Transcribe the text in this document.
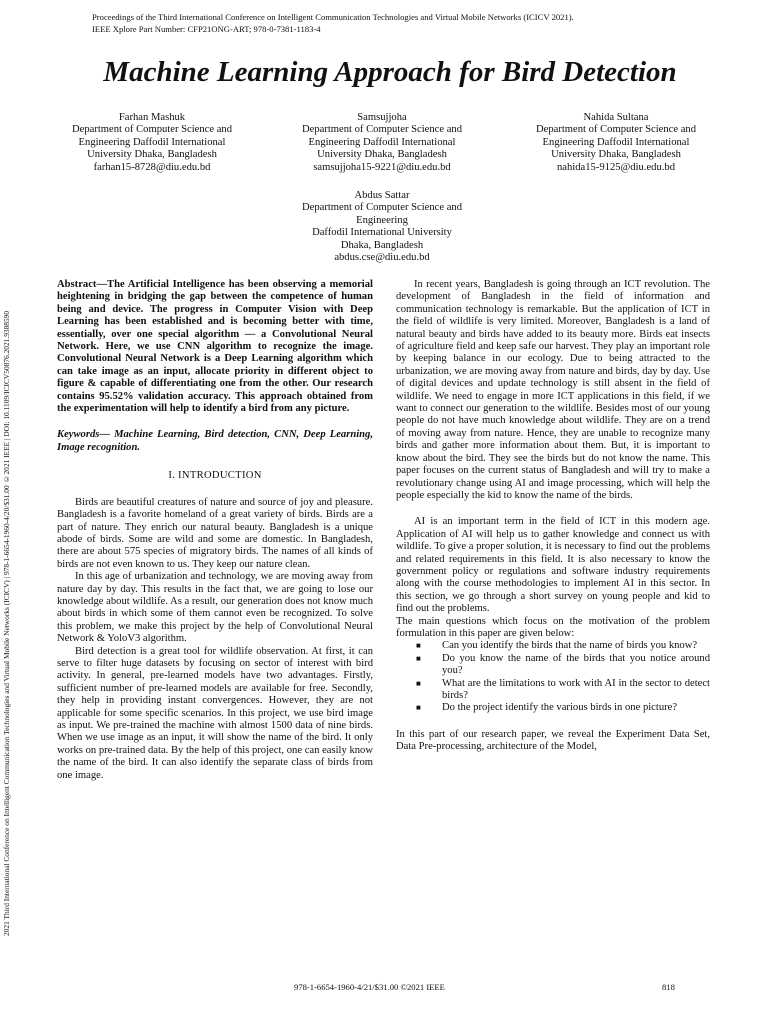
Proceedings of the Third International Conference on Intelligent Communication Technologies and Virtual Mobile Networks (ICICV 2021).
IEEE Xplore Part Number: CFP21ONG-ART; 978-0-7381-1183-4
2021 Third International Conference on Intelligent Communication Technologies and Virtual Mobile Networks (ICICV) | 978-1-6654-1960-4/20/$31.00 ©2021 IEEE | DOI: 10.1109/ICICV50876.2021.9388590
Machine Learning Approach for Bird Detection
Farhan Mashuk
Department of Computer Science and
Engineering Daffodil International
University Dhaka, Bangladesh
farhan15-8728@diu.edu.bd
Samsujjoha
Department of Computer Science and
Engineering Daffodil International
University Dhaka, Bangladesh
samsujjoha15-9221@diu.edu.bd
Nahida Sultana
Department of Computer Science and
Engineering Daffodil International
University Dhaka, Bangladesh
nahida15-9125@diu.edu.bd
Abdus Sattar
Department of Computer Science and
Engineering
Daffodil International University
Dhaka, Bangladesh
abdus.cse@diu.edu.bd

Abstract—The Artificial Intelligence has been observing a memorial heightening in bridging the gap between the competence of human being and device. The progress in Computer Vision with Deep Learning has been established and is becoming better with time, essentially, over one special algorithm — a Convolutional Neural Network. Here, we use CNN algorithm to recognize the image. Convolutional Neural Network is a Deep Learning algorithm which can take image as an input, allocate priority in different object to figure & capable of differentiating one from the other. Our research contains 95.52% validation accuracy. This approach obtained from the experimentation will help to identify a bird from any picture.

Keywords— Machine Learning, Bird detection, CNN, Deep Learning, Image recognition.

I. INTRODUCTION

Birds are beautiful creatures of nature and source of joy and pleasure. Bangladesh is a favorite homeland of a great variety of birds. Birds are a part of nature. They enrich our natural beauty. Bangladesh is a unique abode of birds. Some are wild and some are domestic. In Bangladesh, there are about 575 species of migratory birds. The names of all kinds of birds are not even known to us. They keep our nature clean.

In this age of urbanization and technology, we are moving away from nature day by day. This results in the fact that, we are going to lose our knowledge about wildlife. As a result, our generation does not know much about birds in which some of them cannot even be recognized. To solve this problem, we make this project by the help of Convolutional Neural Network & YoloV3 algorithm.

Bird detection is a great tool for wildlife observation. At first, it can serve to filter huge datasets by focusing on sector of interest with bird activity. In general, pre-learned models have two advantages. Firstly, sufficient number of pre-learned models are available for free. Secondly, they help in providing instant convergences. However, they are not applicable for some specific scenarios. In this project, we use bird image as input. We pre-trained the machine with almost 1500 data of nine birds. When we use image as an input, it will show the name of the bird. It only works on pre-trained data. By the help of this project, one can easily know the name of the bird. It can also identify the separate class of birds from one image.

In recent years, Bangladesh is going through an ICT revolution. The development of Bangladesh in the field of information and communication technology is remarkable. But the application of ICT in the field of wildlife is very limited. Moreover, Bangladesh is a land of natural beauty and birds have added to its beauty more. Birds eat insects of agriculture field and keep safe our harvest. They play an important role by keeping balance in our ecology. Due to being attracted to the urbanization, we are moving away from nature and birds, day by day. Use of digital devices and update technology is still absent in the field of wildlife. We need to engage in more ICT applications in this field, if we want to connect our generation to the wildlife. Besides most of our young people do not have much knowledge about wildlife. They are on a trend of moving away from nature. Hence, they are unable to recognize many birds and gather more information about them. But, it is important to know about the bird. They see the birds but do not know the name. This paper focuses on the current status of Bangladesh and will try to make a revolutionary change using AI and image processing, which will help the people especially the kid to know the name of the birds.

AI is an important term in the field of ICT in this modern age. Application of AI will help us to gather knowledge and connect us with wildlife. To give a proper solution, it is necessary to find out the problems and related requirements in this field. It is also necessary to know the government policy or regulations and software industry requirements along with the course methodologies to implement AI in this sector. In this section, we go through a short survey on young people and kid to find out the problems.

The main questions which focus on the motivation of the problem formulation in this paper are given below:

■ Can you identify the birds that the name of birds you know?
■ Do you know the name of the birds that you notice around you?
■ What are the limitations to work with AI in the sector to detect birds?
■ Do the project identify the various birds in one picture?

In this part of our research paper, we reveal the Experiment Data Set, Data Pre-processing, architecture of the Model,

978-1-6654-1960-4/21/$31.00 ©2021 IEEE	818
